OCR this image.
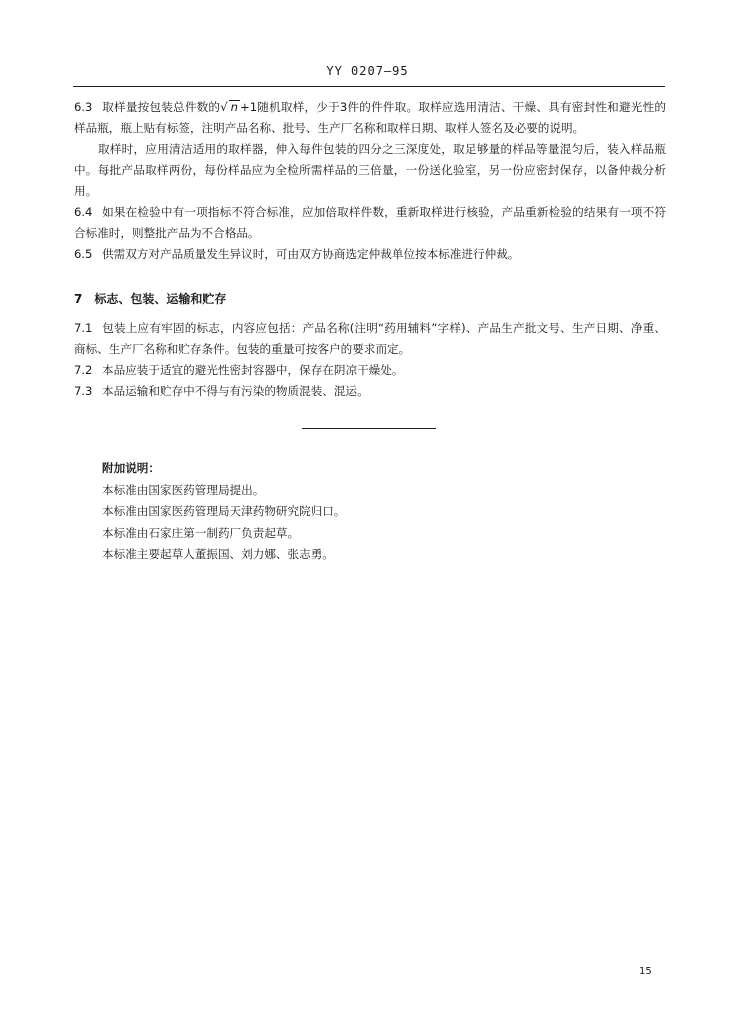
YY 0207—95

6.3 取样量按包装总件数的√ n +1随机取样，少于3件的件件取。取样应选用清洁、干燥、具有密封性和避光性的样品瓶，瓶上贴有标签，注明产品名称、批号、生产厂名称和取样日期、取样人签名及必要的说明。

取样时，应用清洁适用的取样器，伸入每件包装的四分之三深度处，取足够量的样品等量混匀后，装入样品瓶中。每批产品取样两份，每份样品应为全检所需样品的三倍量，一份送化验室，另一份应密封保存，以备仲裁分析用。

6.4 如果在检验中有一项指标不符合标准，应加倍取样件数，重新取样进行核验，产品重新检验的结果有一项不符合标准时，则整批产品为不合格品。

6.5 供需双方对产品质量发生异议时，可由双方协商选定仲裁单位按本标准进行仲裁。

7　标志、包装、运输和贮存

7.1 包装上应有牢固的标志，内容应包括：产品名称(注明“药用辅料”字样)、产品生产批文号、生产日期、净重、商标、生产厂名称和贮存条件。包装的重量可按客户的要求而定。

7.2 本品应装于适宜的避光性密封容器中，保存在阴凉干燥处。

7.3 本品运输和贮存中不得与有污染的物质混装、混运。

附加说明：
本标准由国家医药管理局提出。
本标准由国家医药管理局天津药物研究院归口。
本标准由石家庄第一制药厂负责起草。
本标准主要起草人董振国、刘力娜、张志勇。
15
